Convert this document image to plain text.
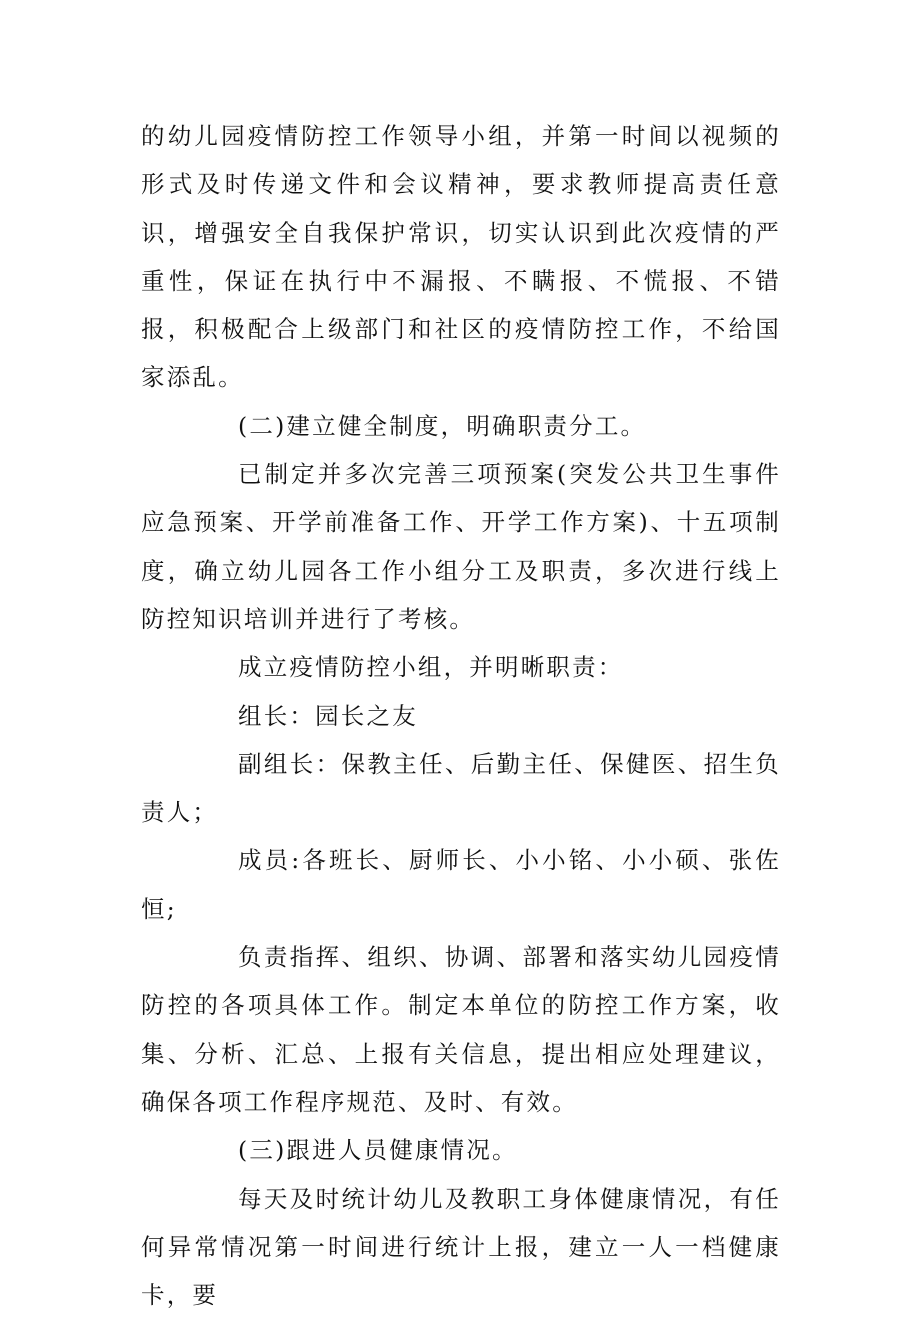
的幼儿园疫情防控工作领导小组，并第一时间以视频的形式及时传递文件和会议精神，要求教师提高责任意识，增强安全自我保护常识，切实认识到此次疫情的严重性，保证在执行中不漏报、不瞒报、不慌报、不错报，积极配合上级部门和社区的疫情防控工作，不给国家添乱。

(二)建立健全制度，明确职责分工。

已制定并多次完善三项预案(突发公共卫生事件应急预案、开学前准备工作、开学工作方案)、十五项制度，确立幼儿园各工作小组分工及职责，多次进行线上防控知识培训并进行了考核。

成立疫情防控小组，并明晰职责：

组长：园长之友

副组长：保教主任、后勤主任、保健医、招生负责人；

成员:各班长、厨师长、小小铭、小小硕、张佐恒;

负责指挥、组织、协调、部署和落实幼儿园疫情防控的各项具体工作。制定本单位的防控工作方案，收集、分析、汇总、上报有关信息，提出相应处理建议，确保各项工作程序规范、及时、有效。

(三)跟进人员健康情况。

每天及时统计幼儿及教职工身体健康情况，有任何异常情况第一时间进行统计上报，建立一人一档健康卡，要
